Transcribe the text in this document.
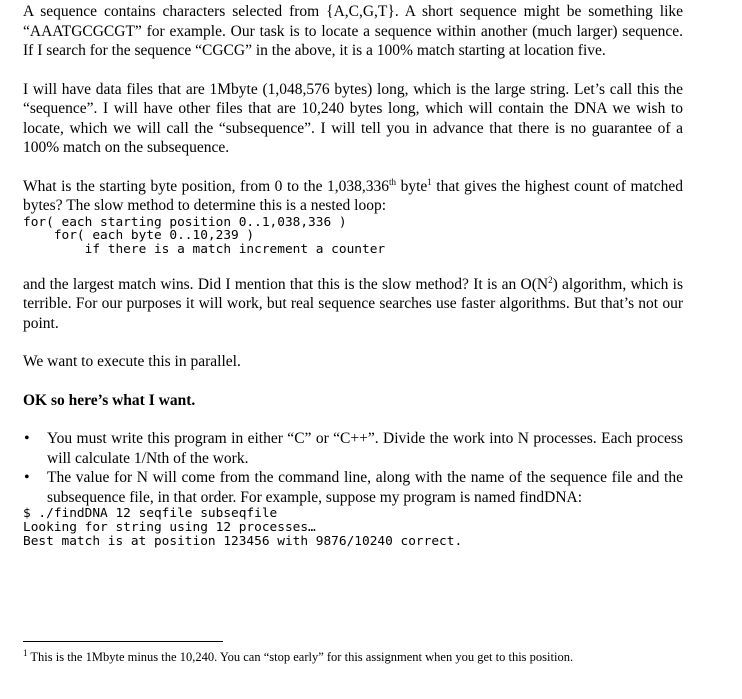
A sequence contains characters selected from {A,C,G,T}. A short sequence might be something like “AAATGCGCGT” for example. Our task is to locate a sequence within another (much larger) sequence. If I search for the sequence “CGCG” in the above, it is a 100% match starting at location five.

I will have data files that are 1Mbyte (1,048,576 bytes) long, which is the large string. Let’s call this the “sequence”. I will have other files that are 10,240 bytes long, which will contain the DNA we wish to locate, which we will call the “subsequence”. I will tell you in advance that there is no guarantee of a 100% match on the subsequence.

What is the starting byte position, from 0 to the 1,038,336th byte$^1$ that gives the highest count of matched bytes? The slow method to determine this is a nested loop:

for( each starting position 0..1,038,336 )
for( each byte 0..10,239 )
if there is a match increment a counter

and the largest match wins. Did I mention that this is the slow method? It is an $O(N^2)$ algorithm, which is terrible. For our purposes it will work, but real sequence searches use faster algorithms. But that’s not our point.

We want to execute this in parallel.

OK so here’s what I want.

• You must write this program in either “C” or “C++”. Divide the work into N processes. Each process will calculate 1/Nth of the work.
• The value for N will come from the command line, along with the name of the sequence file and the subsequence file, in that order. For example, suppose my program is named findDNA:
$ ./findDNA 12 seqfile subseqfile
Looking for string using 12 processes…
Best match is at position 123456 with 9876/10240 correct.
$^1$ This is the 1Mbyte minus the 10,240. You can “stop early” for this assignment when you get to this position.
